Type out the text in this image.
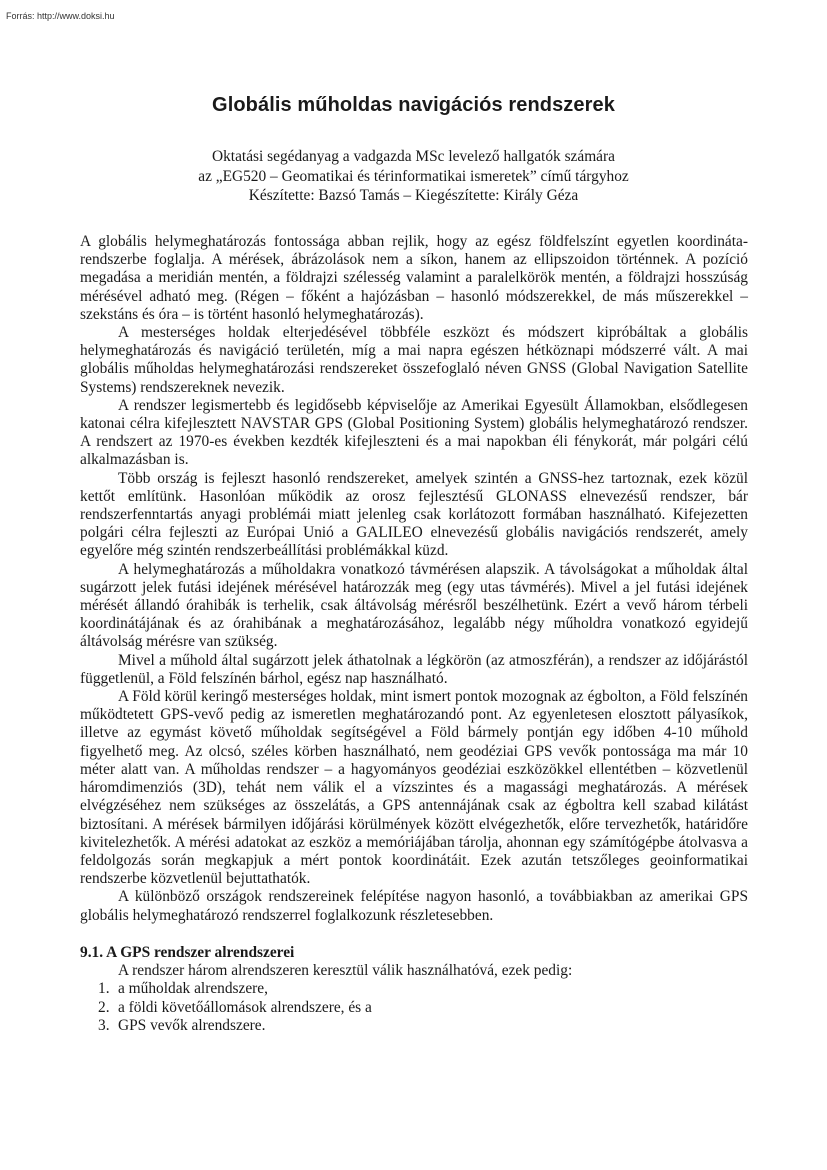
Forrás: http://www.doksi.hu
Globális műholdas navigációs rendszerek
Oktatási segédanyag a vadgazda MSc levelező hallgatók számára
az „EG520 – Geomatikai és térinformatikai ismeretek” című tárgyhoz
Készítette: Bazsó Tamás – Kiegészítette: Király Géza

A globális helymeghatározás fontossága abban rejlik, hogy az egész földfelszínt egyetlen koordináta-rendszerbe foglalja. A mérések, ábrázolások nem a síkon, hanem az ellipszoidon történnek. A pozíció megadása a meridián mentén, a földrajzi szélesség valamint a paralelkörök mentén, a földrajzi hosszúság mérésével adható meg. (Régen – főként a hajózásban – hasonló módszerekkel, de más műszerekkel – szekstáns és óra – is történt hasonló helymeghatározás).

A mesterséges holdak elterjedésével többféle eszközt és módszert kipróbáltak a globális helymeghatározás és navigáció területén, míg a mai napra egészen hétköznapi módszerré vált. A mai globális műholdas helymeghatározási rendszereket összefoglaló néven GNSS (Global Navigation Satellite Systems) rendszereknek nevezik.

A rendszer legismertebb és legidősebb képviselője az Amerikai Egyesült Államokban, elsődlegesen katonai célra kifejlesztett NAVSTAR GPS (Global Positioning System) globális helymeghatározó rendszer. A rendszert az 1970-es években kezdték kifejleszteni és a mai napokban éli fénykorát, már polgári célú alkalmazásban is.

Több ország is fejleszt hasonló rendszereket, amelyek szintén a GNSS-hez tartoznak, ezek közül kettőt említünk. Hasonlóan működik az orosz fejlesztésű GLONASS elnevezésű rendszer, bár rendszerfenntartás anyagi problémái miatt jelenleg csak korlátozott formában használható. Kifejezetten polgári célra fejleszti az Európai Unió a GALILEO elnevezésű globális navigációs rendszerét, amely egyelőre még szintén rendszerbeállítási problémákkal küzd.

A helymeghatározás a műholdakra vonatkozó távmérésen alapszik. A távolságokat a műholdak által sugárzott jelek futási idejének mérésével határozzák meg (egy utas távmérés). Mivel a jel futási idejének mérését állandó órahibák is terhelik, csak áltávolság mérésről beszélhetünk. Ezért a vevő három térbeli koordinátájának és az órahibának a meghatározásához, legalább négy műholdra vonatkozó egyidejű áltávolság mérésre van szükség.

Mivel a műhold által sugárzott jelek áthatolnak a légkörön (az atmoszférán), a rendszer az időjárástól függetlenül, a Föld felszínén bárhol, egész nap használható.

A Föld körül keringő mesterséges holdak, mint ismert pontok mozognak az égbolton, a Föld felszínén működtetett GPS-vevő pedig az ismeretlen meghatározandó pont. Az egyenletesen elosztott pályasíkok, illetve az egymást követő műholdak segítségével a Föld bármely pontján egy időben 4-10 műhold figyelhető meg. Az olcsó, széles körben használható, nem geodéziai GPS vevők pontossága ma már 10 méter alatt van. A műholdas rendszer – a hagyományos geodéziai eszközökkel ellentétben – közvetlenül háromdimenziós (3D), tehát nem válik el a vízszintes és a magassági meghatározás. A mérések elvégzéséhez nem szükséges az összelátás, a GPS antennájának csak az égboltra kell szabad kilátást biztosítani. A mérések bármilyen időjárási körülmények között elvégezhetők, előre tervezhetők, határidőre kivitelezhetők. A mérési adatokat az eszköz a memóriájában tárolja, ahonnan egy számítógépbe átolvasva a feldolgozás során megkapjuk a mért pontok koordinátáit. Ezek azután tetszőleges geoinformatikai rendszerbe közvetlenül bejuttathatók.

A különböző országok rendszereinek felépítése nagyon hasonló, a továbbiakban az amerikai GPS globális helymeghatározó rendszerrel foglalkozunk részletesebben.

9.1. A GPS rendszer alrendszerei

A rendszer három alrendszeren keresztül válik használhatóvá, ezek pedig:

1. a műholdak alrendszere,
2. a földi követőállomások alrendszere, és a
3. GPS vevők alrendszere.
